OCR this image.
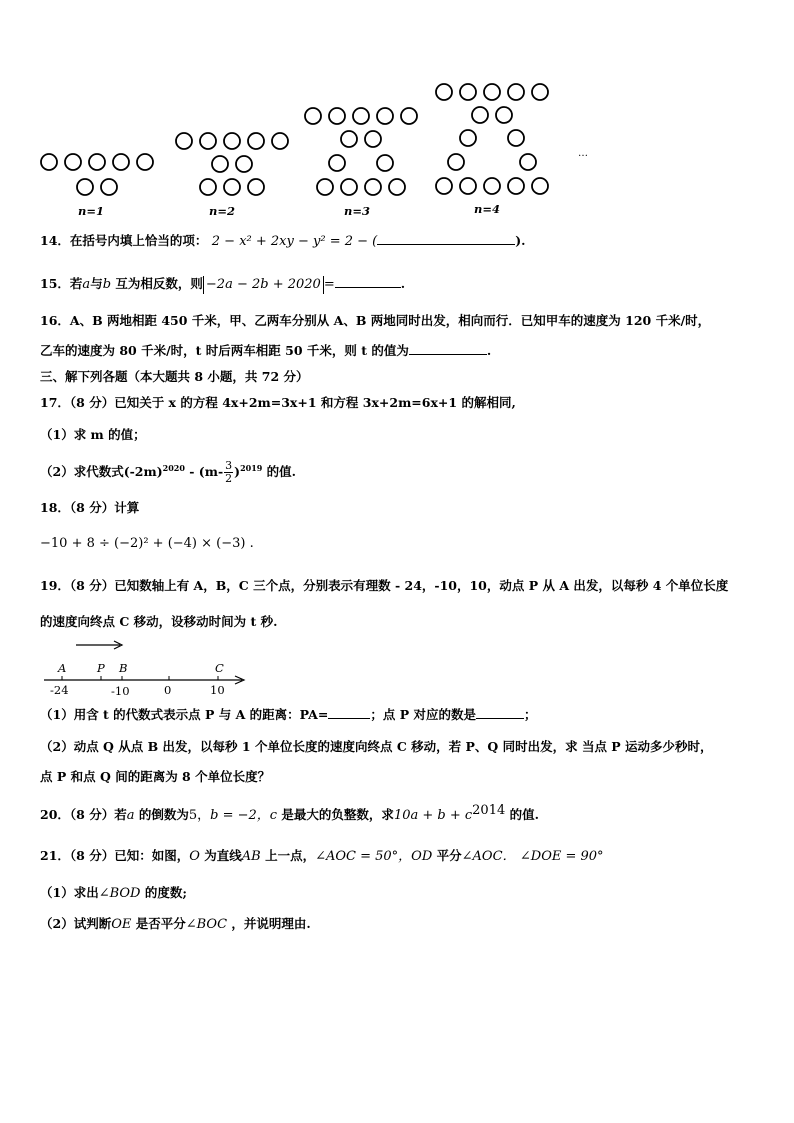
n=1	n=2	n=3	n=4
…
14．在括号内填上恰当的项： 2 − x² + 2xy − y² = 2 − (	).
15．若a与b 互为相反数，则 −2a − 2b + 2020 =	.
16．A、B 两地相距 450 千米，甲、乙两车分别从 A、B 两地同时出发，相向而行．已知甲车的速度为 120 千米/时，
乙车的速度为 80 千米/时，t 时后两车相距 50 千米，则 t 的值为	.
三、解下列各题（本大题共 8 小题，共 72 分）
17．（8 分）已知关于 x 的方程 4x+2m=3x+1 和方程 3x+2m=6x+1 的解相同,
（1）求 m 的值；
（2）求代数式$(-2m)^{2020} - (m- \frac{3}{2} )^{2019}$ 的值.
18．（8 分）计算
−10 + 8 ÷ (−2)² + (−4) × (−3) .
19．（8 分）已知数轴上有 A，B，C 三个点，分别表示有理数 - 24，-10，10，动点 P 从 A 出发，以每秒 4 个单位长度
的速度向终点 C 移动，设移动时间为 t 秒.
A	P B	C
-24	-10	0	10
（1）用含 t 的代数式表示点 P 与 A 的距离：PA=	；点 P 对应的数是	；
（2）动点 Q 从点 B 出发，以每秒 1 个单位长度的速度向终点 C 移动，若 P、Q 同时出发，求 当点 P 运动多少秒时，
点 P 和点 Q 间的距离为 8 个单位长度？
20．（8 分）若a 的倒数为5，b = −2，c 是最大的负整数，求$10a + b + c^{2014}$ 的值.
21．（8 分）已知：如图，O 为直线AB 上一点，∠AOC = 50°，OD 平分∠AOC． ∠DOE = 90°
（1）求出∠BOD 的度数;
（2）试判断OE 是否平分∠BOC ，并说明理由.
